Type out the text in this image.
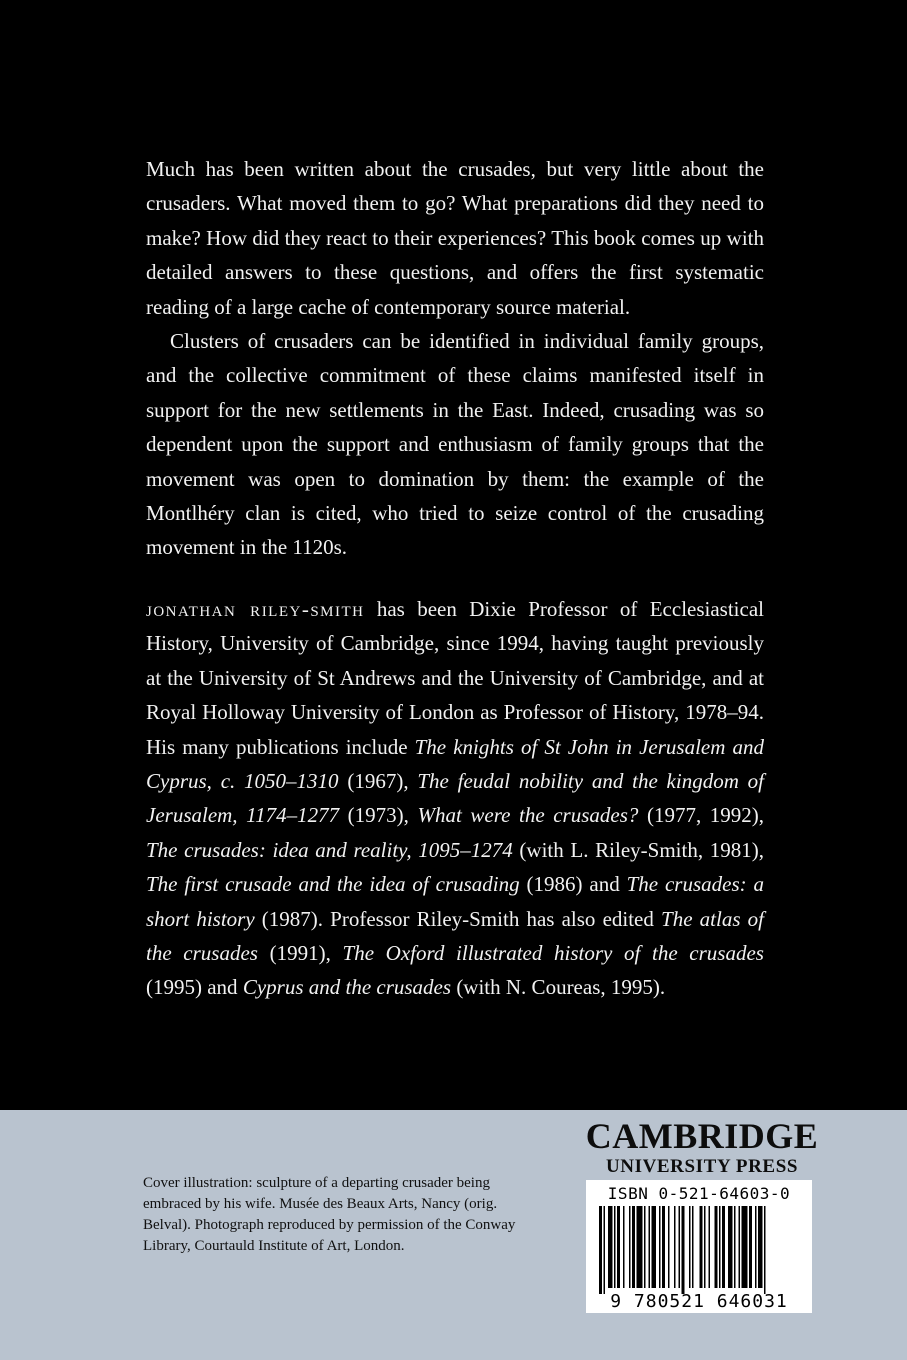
Much has been written about the crusades, but very little about the crusaders. What moved them to go? What preparations did they need to make? How did they react to their experiences? This book comes up with detailed answers to these questions, and offers the first systematic reading of a large cache of contemporary source material.

Clusters of crusaders can be identified in individual family groups, and the collective commitment of these claims manifested itself in support for the new settlements in the East. Indeed, crusading was so dependent upon the support and enthusiasm of family groups that the movement was open to domination by them: the example of the Montlhéry clan is cited, who tried to seize control of the crusading movement in the 1120s.

jonathan riley-smith has been Dixie Professor of Ecclesiastical History, University of Cambridge, since 1994, having taught previously at the University of St Andrews and the University of Cambridge, and at Royal Holloway University of London as Professor of History, 1978–94. His many publications include The knights of St John in Jerusalem and Cyprus, c. 1050–1310 (1967), The feudal nobility and the kingdom of Jerusalem, 1174–1277 (1973), What were the crusades? (1977, 1992), The crusades: idea and reality, 1095–1274 (with L. Riley-Smith, 1981), The first crusade and the idea of crusading (1986) and The crusades: a short history (1987). Professor Riley-Smith has also edited The atlas of the crusades (1991), The Oxford illustrated history of the crusades (1995) and Cyprus and the crusades (with N. Coureas, 1995).

Cover illustration: sculpture of a departing crusader being embraced by his wife. Musée des Beaux Arts, Nancy (orig. Belval). Photograph reproduced by permission of the Conway Library, Courtauld Institute of Art, London.

CAMBRIDGE
UNIVERSITY PRESS
ISBN 0-521-64603-0
9 780521 646031
